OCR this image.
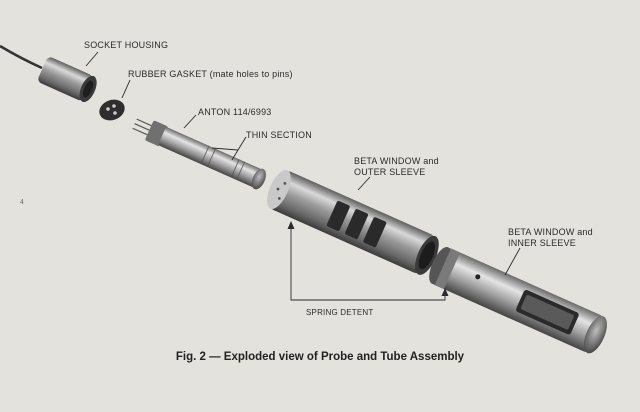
SOCKET HOUSING
RUBBER GASKET (mate holes to pins)
ANTON 114/6993
THIN SECTION
BETA WINDOW and
OUTER SLEEVE
BETA WINDOW and
INNER SLEEVE
SPRING DETENT
Fig. 2 — Exploded view of Probe and Tube Assembly
4
